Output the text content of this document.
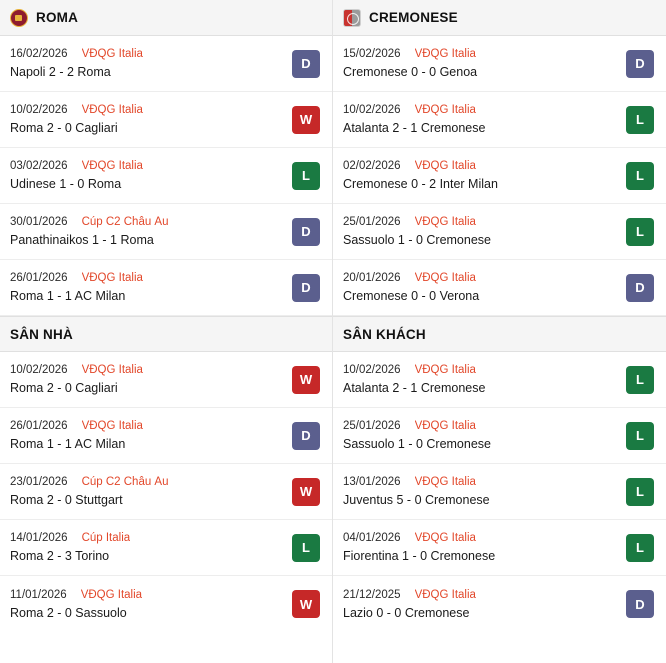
ROMA
16/02/2026 VĐQG Italia
Napoli 2 - 2 Roma
D
10/02/2026 VĐQG Italia
Roma 2 - 0 Cagliari
W
03/02/2026 VĐQG Italia
Udinese 1 - 0 Roma
L
30/01/2026 Cúp C2 Châu Âu
Panathinaikos 1 - 1 Roma
D
26/01/2026 VĐQG Italia
Roma 1 - 1 AC Milan
D
SÂN NHÀ
10/02/2026 VĐQG Italia
Roma 2 - 0 Cagliari
W
26/01/2026 VĐQG Italia
Roma 1 - 1 AC Milan
D
23/01/2026 Cúp C2 Châu Âu
Roma 2 - 0 Stuttgart
W
14/01/2026 Cúp Italia
Roma 2 - 3 Torino
L
11/01/2026 VĐQG Italia
Roma 2 - 0 Sassuolo
W
CREMONESE
15/02/2026 VĐQG Italia
Cremonese 0 - 0 Genoa
D
10/02/2026 VĐQG Italia
Atalanta 2 - 1 Cremonese
L
02/02/2026 VĐQG Italia
Cremonese 0 - 2 Inter Milan
L
25/01/2026 VĐQG Italia
Sassuolo 1 - 0 Cremonese
L
20/01/2026 VĐQG Italia
Cremonese 0 - 0 Verona
D
SÂN KHÁCH
10/02/2026 VĐQG Italia
Atalanta 2 - 1 Cremonese
L
25/01/2026 VĐQG Italia
Sassuolo 1 - 0 Cremonese
L
13/01/2026 VĐQG Italia
Juventus 5 - 0 Cremonese
L
04/01/2026 VĐQG Italia
Fiorentina 1 - 0 Cremonese
L
21/12/2025 VĐQG Italia
Lazio 0 - 0 Cremonese
D
